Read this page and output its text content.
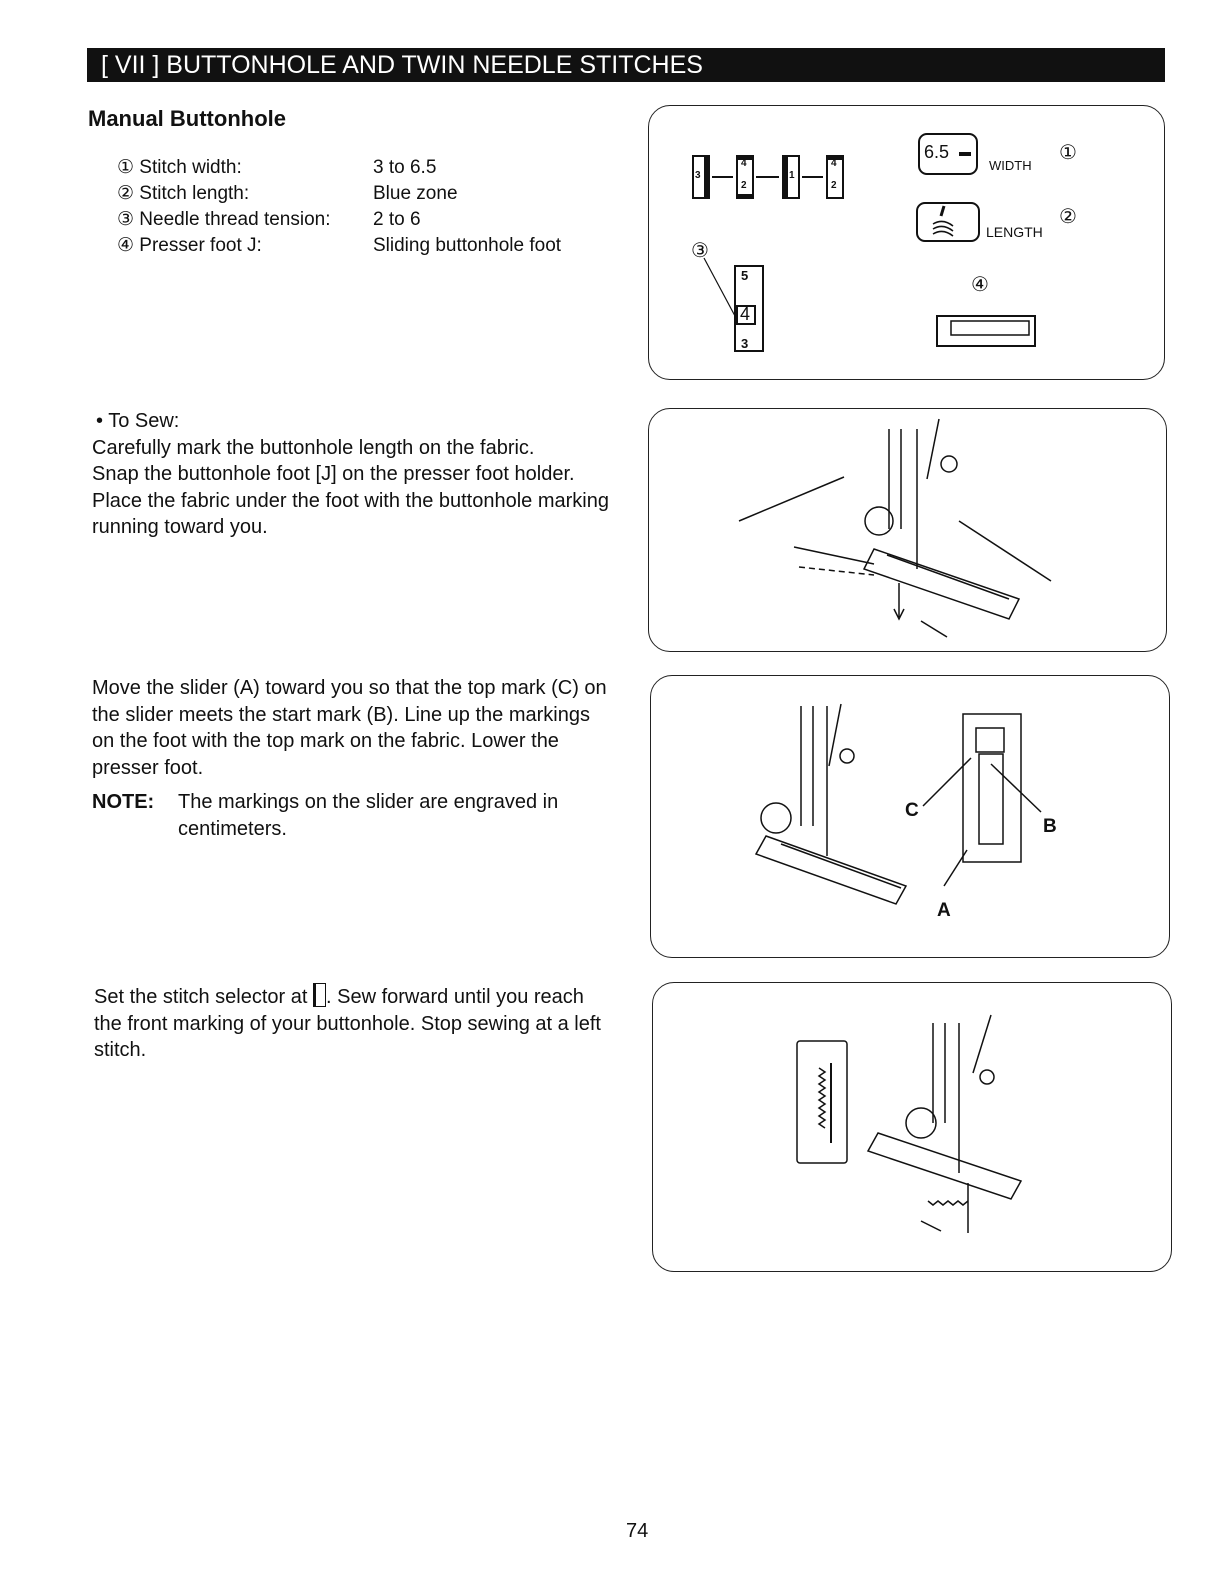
[ VII ] BUTTONHOLE AND TWIN NEEDLE STITCHES
Manual Buttonhole
① Stitch width:	3 to 6.5
② Stitch length:	Blue zone
③ Needle thread tension:	2 to 6
④ Presser foot J:	Sliding buttonhole foot

• To Sew:

Carefully mark the buttonhole length on the fabric.

Snap the buttonhole foot [J] on the presser foot holder.

Place the fabric under the foot with the buttonhole marking running toward you.

Move the slider (A) toward you so that the top mark (C) on the slider meets the start mark (B). Line up the markings on the foot with the top mark on the fabric. Lower the presser foot.

NOTE:	The markings on the slider are engraved in centimeters.

Set the stitch selector at . Sew forward until you reach the front marking of your buttonhole. Stop sewing at a left stitch.

3
4
2
1
4
2
6.5
WIDTH
①
LENGTH
②
③
5
4
3
④
C
B
A
74
